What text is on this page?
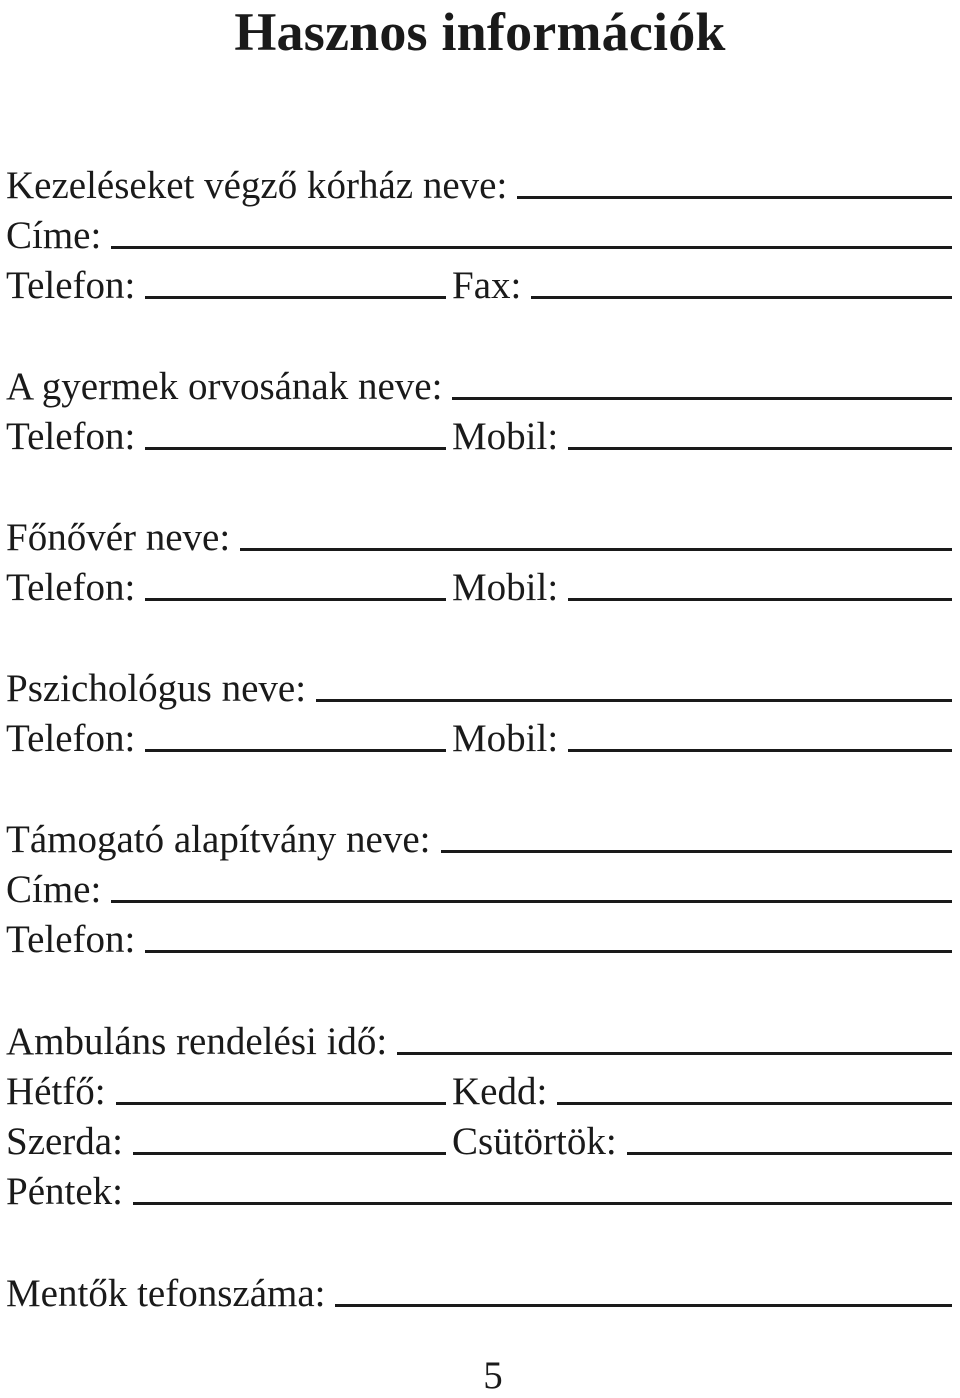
Hasznos információk
Kezeléseket végző kórház neve:
Címe:
Telefon:	Fax:
A gyermek orvosának neve:
Telefon:	Mobil:
Főnővér neve:
Telefon:	Mobil:
Pszichológus neve:
Telefon:	Mobil:
Támogató alapítvány neve:
Címe:
Telefon:
Ambuláns rendelési idő:
Hétfő:	Kedd:
Szerda:	Csütörtök:
Péntek:
Mentők tefonszáma:
5
